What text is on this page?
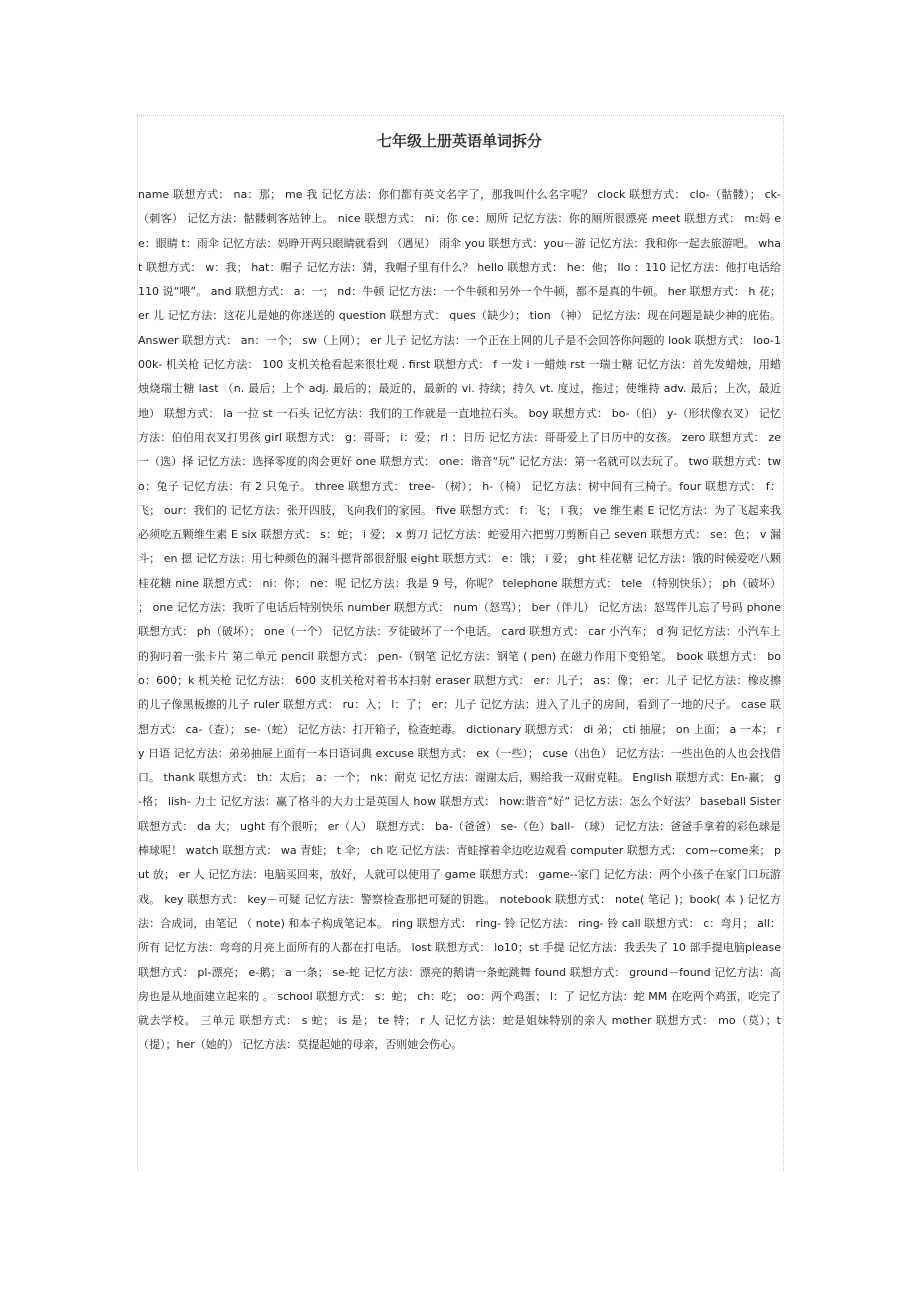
七年级上册英语单词拆分

name 联想方式： na：那； me 我 记忆方法：你们都有英文名字了，那我叫什么名字呢？ clock 联想方式： clo-（骷髅）； ck-（刺客） 记忆方法：骷髅刺客站钟上。 nice 联想方式： ni：你 ce：厕所 记忆方法：你的厕所很漂亮 meet 联想方式： m:妈 ee：眼睛 t：雨伞 记忆方法：妈睁开两只眼睛就看到 （遇见） 雨伞 you 联想方式：you－游 记忆方法：我和你一起去旅游吧。 what 联想方式： w：我； hat：帽子 记忆方法：猜，我帽子里有什么？ hello 联想方式： he：他； llo ：110 记忆方法：他打电话给 110 说“喂”。 and 联想方式： a：一； nd：牛顿 记忆方法：一个牛顿和另外一个牛顿，都不是真的牛顿。 her 联想方式： h 花； er 儿 记忆方法：这花儿是她的你迷送的 question 联想方式： ques（缺少）； tion （神） 记忆方法：现在问题是缺少神的庇佑。 Answer 联想方式： an：一个； sw（上网）； er 儿子 记忆方法：一个正在上网的儿子是不会回答你问题的 look 联想方式： loo-100k- 机关枪 记忆方法： 100 支机关枪看起来很壮观 . first 联想方式： f 一发 i 一蜡烛 rst 一瑞士糖 记忆方法：首先发蜡烛，用蜡烛烧瑞士糖 last （n. 最后；上个 adj. 最后的；最近的，最新的 vi. 持续；持久 vt. 度过，拖过；使维持 adv. 最后；上次，最近地） 联想方式： la 一拉 st 一石头 记忆方法：我们的工作就是一直地拉石头。 boy 联想方式： bo-（伯） y-（形状像衣叉） 记忆方法：伯伯用衣叉打男孩 girl 联想方式： g：哥哥； i：爱； rl ：日历 记忆方法：哥哥爱上了日历中的女孩。 zero 联想方式： ze一（选）择 记忆方法：选择零度的肉会更好 one 联想方式： one：谐音“玩” 记忆方法：第一名就可以去玩了。 two 联想方式：two：兔子 记忆方法：有 2 只兔子。 three 联想方式： tree- （树）； h-（椅） 记忆方法：树中间有三椅子。four 联想方式： f：飞； our：我们的 记忆方法：张开四肢，飞向我们的家园。 five 联想方式： f：飞； i 我； ve 维生素 E 记忆方法：为了飞起来我必须吃五颗维生素 E six 联想方式： s：蛇； i 爱； x 剪刀 记忆方法：蛇爱用六把剪刀剪断自己 seven 联想方式： se：色； v 漏斗； en 摁 记忆方法：用七种颜色的漏斗摁背部很舒服 eight 联想方式： e：饿； i 爱； ght 桂花糖 记忆方法：饿的时候爱吃八颗桂花糖 nine 联想方式： ni：你； ne：呢 记忆方法：我是 9 号，你呢？ telephone 联想方式： tele （特别快乐）； ph（破坏） ； one 记忆方法：我听了电话后特别快乐 number 联想方式： num（怒骂）； ber（伴儿） 记忆方法：怒骂伴儿忘了号码 phone 联想方式： ph（破坏）； one（一个） 记忆方法：歹徒破坏了一个电话。 card 联想方式： car 小汽车； d 狗 记忆方法：小汽车上的狗叼着一张卡片 第二单元 pencil 联想方式： pen-（钢笔 记忆方法：钢笔 ( pen) 在磁力作用下变铅笔。 book 联想方式： boo：600；k 机关枪 记忆方法： 600 支机关枪对着书本扫射 eraser 联想方式： er：儿子； as：像； er：儿子 记忆方法：橡皮擦的儿子像黑板擦的儿子 ruler 联想方式： ru：入； l：了； er：儿子 记忆方法：进入了儿子的房间，看到了一地的尺子。 case 联想方式： ca-（查）； se-（蛇） 记忆方法：打开箱子，检查蛇毒。 dictionary 联想方式： di 弟； cti 抽屉； on 上面； a 一本； ry 日语 记忆方法：弟弟抽屉上面有一本日语词典 excuse 联想方式： ex（一些）； cuse（出色） 记忆方法：一些出色的人也会找借口。 thank 联想方式： th：太后； a：一个； nk：耐克 记忆方法：谢谢太后，赐给我一双耐克鞋。 English 联想方式：En-赢； g-格； lish- 力士 记忆方法：赢了格斗的大力士是英国人 how 联想方式： how:谐音“好” 记忆方法：怎么个好法？ baseball Sister 联想方式： da 大； ught 有个很听； er（人） 联想方式： ba-（爸爸） se-（色）ball- （球） 记忆方法：爸爸手拿着的彩色球是棒球呢！ watch 联想方式： wa 青蛙； t 伞； ch 吃 记忆方法：青蛙撑着伞边吃边观看 computer 联想方式： com~come来； put 放； er 人 记忆方法：电脑买回来，放好，人就可以使用了 game 联想方式： game--家门 记忆方法：两个小孩子在家门口玩游戏。 key 联想方式： key－可疑 记忆方法：警察检查那把可疑的钥匙。 notebook 联想方式： note( 笔记 )；book( 本 ) 记忆方法：合成词，由笔记 （ note) 和本子构成笔记本。 ring 联想方式： ring- 铃 记忆方法： ring- 铃 call 联想方式： c：弯月； all：所有 记忆方法：弯弯的月亮上面所有的人都在打电话。 lost 联想方式： lo10；st 手提 记忆方法：我丢失了 10 部手提电脑please 联想方式： pl-漂亮； e-鹅； a 一条； se-蛇 记忆方法：漂亮的鹅请一条蛇跳舞 found 联想方式： ground－found 记忆方法：高房也是从地面建立起来的 。 school 联想方式： s：蛇； ch：吃； oo：两个鸡蛋； l：了 记忆方法：蛇 MM 在吃两个鸡蛋，吃完了就去学校。 三单元 联想方式： s 蛇； is 是； te 特； r 人 记忆方法：蛇是姐妹特别的亲人 mother 联想方式： mo（莫）；t（提）；her（她的） 记忆方法：莫提起她的母亲，否则她会伤心。
